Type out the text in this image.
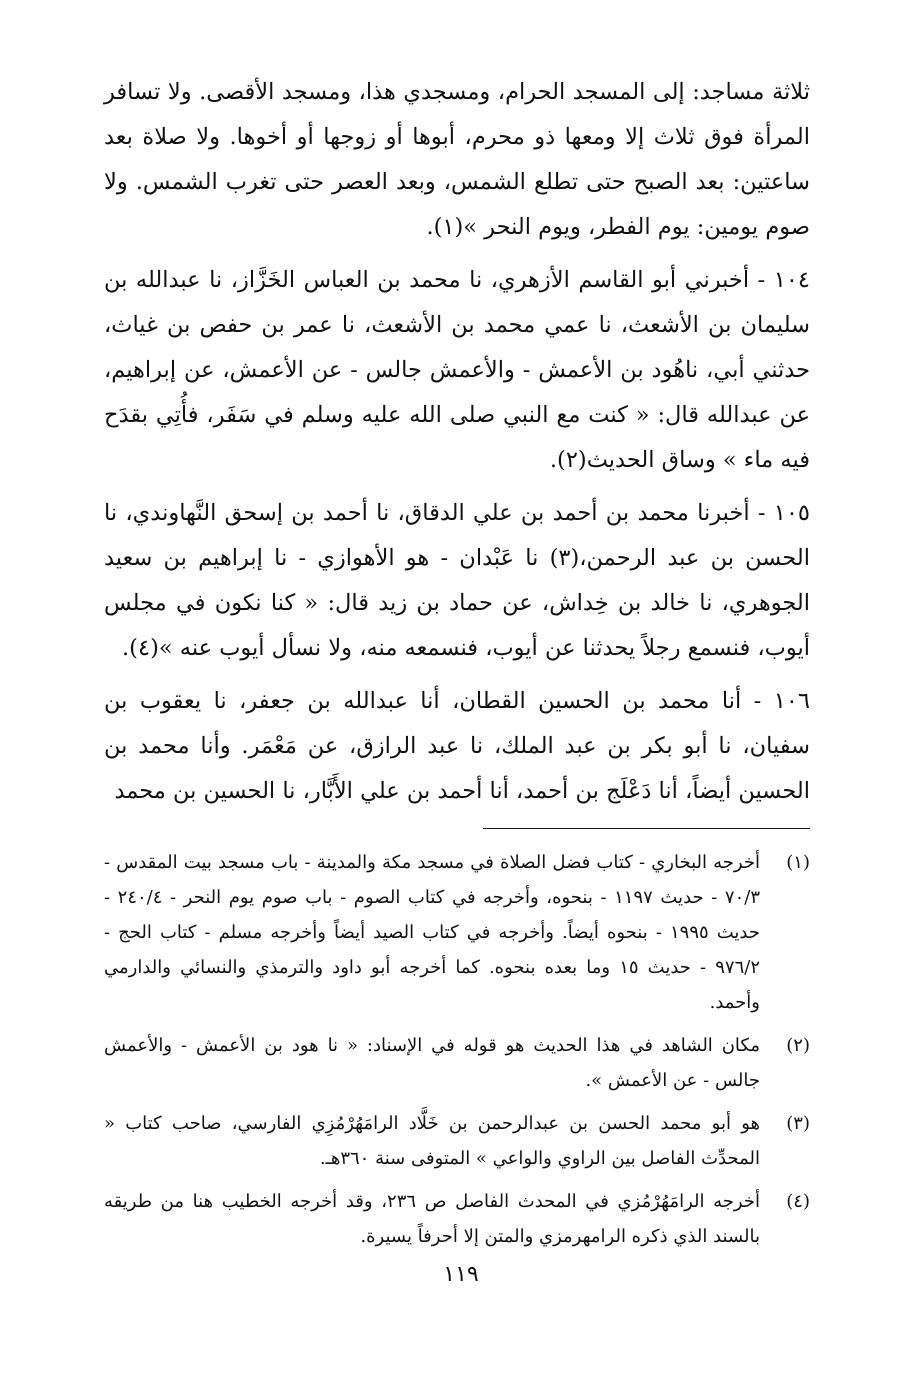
ثلاثة مساجد: إلى المسجد الحرام، ومسجدي هذا، ومسجد الأقصى. ولا تسافر المرأة فوق ثلاث إلا ومعها ذو محرم، أبوها أو زوجها أو أخوها. ولا صلاة بعد ساعتين: بعد الصبح حتى تطلع الشمس، وبعد العصر حتى تغرب الشمس. ولا صوم يومين: يوم الفطر، ويوم النحر »(١).

١٠٤ - أخبرني أبو القاسم الأزهري، نا محمد بن العباس الخَزَّاز، نا عبدالله بن سليمان بن الأشعث، نا عمي محمد بن الأشعث، نا عمر بن حفص بن غياث، حدثني أبي، ناهُود بن الأعمش - والأعمش جالس - عن الأعمش، عن إبراهيم، عن عبدالله قال: « كنت مع النبي صلى الله عليه وسلم في سَفَر، فأُتِي بقدَح فيه ماء » وساق الحديث(٢).

١٠٥ - أخبرنا محمد بن أحمد بن علي الدقاق، نا أحمد بن إسحق النَّهاوندي، نا الحسن بن عبد الرحمن،(٣) نا عَبْدان - هو الأهوازي - نا إبراهيم بن سعيد الجوهري، نا خالد بن خِداش، عن حماد بن زيد قال: « كنا نكون في مجلس أيوب، فنسمع رجلاً يحدثنا عن أيوب، فنسمعه منه، ولا نسأل أيوب عنه »(٤).

١٠٦ - أنا محمد بن الحسين القطان، أنا عبدالله بن جعفر، نا يعقوب بن سفيان، نا أبو بكر بن عبد الملك، نا عبد الرازق، عن مَعْمَر. وأنا محمد بن الحسين أيضاً، أنا دَعْلَج بن أحمد، أنا أحمد بن علي الأَبَّار، نا الحسين بن محمد

(١)
أخرجه البخاري - كتاب فضل الصلاة في مسجد مكة والمدينة - باب مسجد بيت المقدس - ٧٠/٣ - حديث ١١٩٧ - بنحوه، وأخرجه في كتاب الصوم - باب صوم يوم النحر - ٢٤٠/٤ - حديث ١٩٩٥ - بنحوه أيضاً. وأخرجه في كتاب الصيد أيضاً وأخرجه مسلم - كتاب الحج - ٩٧٦/٢ - حديث ١٥ وما بعده بنحوه. كما أخرجه أبو داود والترمذي والنسائي والدارمي وأحمد.
(٢)
مكان الشاهد في هذا الحديث هو قوله في الإسناد: « نا هود بن الأعمش - والأعمش جالس - عن الأعمش ».
(٣)
هو أبو محمد الحسن بن عبدالرحمن بن خَلَّاد الرامَهُرْمُزِي الفارسي، صاحب كتاب « المحدِّث الفاصل بين الراوي والواعي » المتوفى سنة ٣٦٠هـ.
(٤)
أخرجه الرامَهُرْمُزي في المحدث الفاصل ص ٢٣٦، وقد أخرجه الخطيب هنا من طريقه بالسند الذي ذكره الرامهرمزي والمتن إلا أحرفاً يسيرة.
١١٩
